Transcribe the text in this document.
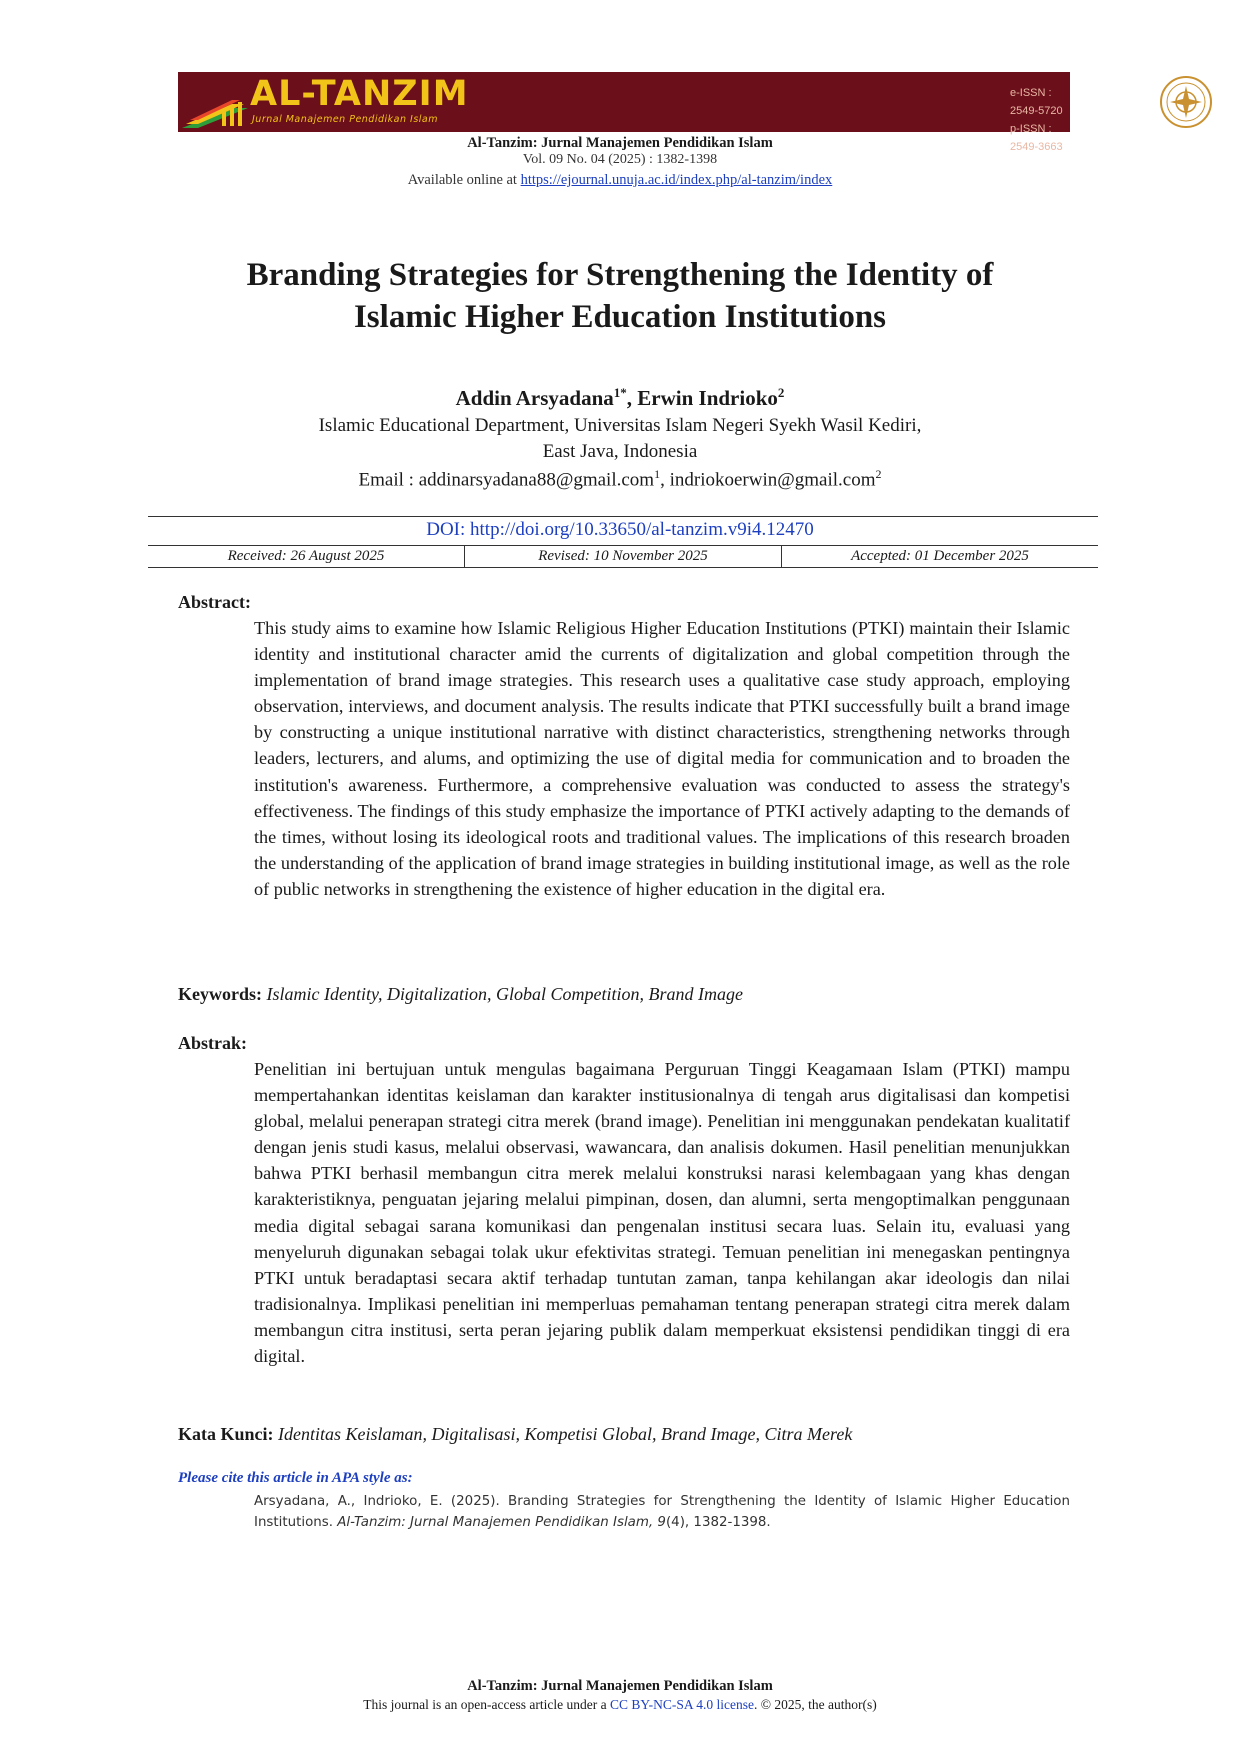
AL-TANZIM
Jurnal Manajemen Pendidikan Islam
e-ISSN : 2549-5720
p-ISSN : 2549-3663
Al-Tanzim: Jurnal Manajemen Pendidikan Islam
Vol. 09 No. 04 (2025) : 1382-1398
Available online at https://ejournal.unuja.ac.id/index.php/al-tanzim/index
Branding Strategies for Strengthening the Identity of
Islamic Higher Education Institutions
Addin Arsyadana$^{1*}$, Erwin Indrioko$^2$
Islamic Educational Department, Universitas Islam Negeri Syekh Wasil Kediri,
East Java, Indonesia
Email : addinarsyadana88@gmail.com$^1$, indriokoerwin@gmail.com$^2$
DOI: http://doi.org/10.33650/al-tanzim.v9i4.12470
Received: 26 August 2025	Revised: 10 November 2025	Accepted: 01 December 2025
Abstract:
This study aims to examine how Islamic Religious Higher Education Institutions (PTKI) maintain their Islamic identity and institutional character amid the currents of digitalization and global competition through the implementation of brand image strategies. This research uses a qualitative case study approach, employing observation, interviews, and document analysis. The results indicate that PTKI successfully built a brand image by constructing a unique institutional narrative with distinct characteristics, strengthening networks through leaders, lecturers, and alums, and optimizing the use of digital media for communication and to broaden the institution's awareness. Furthermore, a comprehensive evaluation was conducted to assess the strategy's effectiveness. The findings of this study emphasize the importance of PTKI actively adapting to the demands of the times, without losing its ideological roots and traditional values. The implications of this research broaden the understanding of the application of brand image strategies in building institutional image, as well as the role of public networks in strengthening the existence of higher education in the digital era.
Keywords: Islamic Identity, Digitalization, Global Competition, Brand Image
Abstrak:
Penelitian ini bertujuan untuk mengulas bagaimana Perguruan Tinggi Keagamaan Islam (PTKI) mampu mempertahankan identitas keislaman dan karakter institusionalnya di tengah arus digitalisasi dan kompetisi global, melalui penerapan strategi citra merek (brand image). Penelitian ini menggunakan pendekatan kualitatif dengan jenis studi kasus, melalui observasi, wawancara, dan analisis dokumen. Hasil penelitian menunjukkan bahwa PTKI berhasil membangun citra merek melalui konstruksi narasi kelembagaan yang khas dengan karakteristiknya, penguatan jejaring melalui pimpinan, dosen, dan alumni, serta mengoptimalkan penggunaan media digital sebagai sarana komunikasi dan pengenalan institusi secara luas. Selain itu, evaluasi yang menyeluruh digunakan sebagai tolak ukur efektivitas strategi. Temuan penelitian ini menegaskan pentingnya PTKI untuk beradaptasi secara aktif terhadap tuntutan zaman, tanpa kehilangan akar ideologis dan nilai tradisionalnya. Implikasi penelitian ini memperluas pemahaman tentang penerapan strategi citra merek dalam membangun citra institusi, serta peran jejaring publik dalam memperkuat eksistensi pendidikan tinggi di era digital.
Kata Kunci: Identitas Keislaman, Digitalisasi, Kompetisi Global, Brand Image, Citra Merek
Please cite this article in APA style as:
Arsyadana, A., Indrioko, E. (2025). Branding Strategies for Strengthening the Identity of Islamic Higher Education Institutions. Al-Tanzim: Jurnal Manajemen Pendidikan Islam, 9(4), 1382-1398.
Al-Tanzim: Jurnal Manajemen Pendidikan Islam
This journal is an open-access article under a CC BY-NC-SA 4.0 license. © 2025, the author(s)
